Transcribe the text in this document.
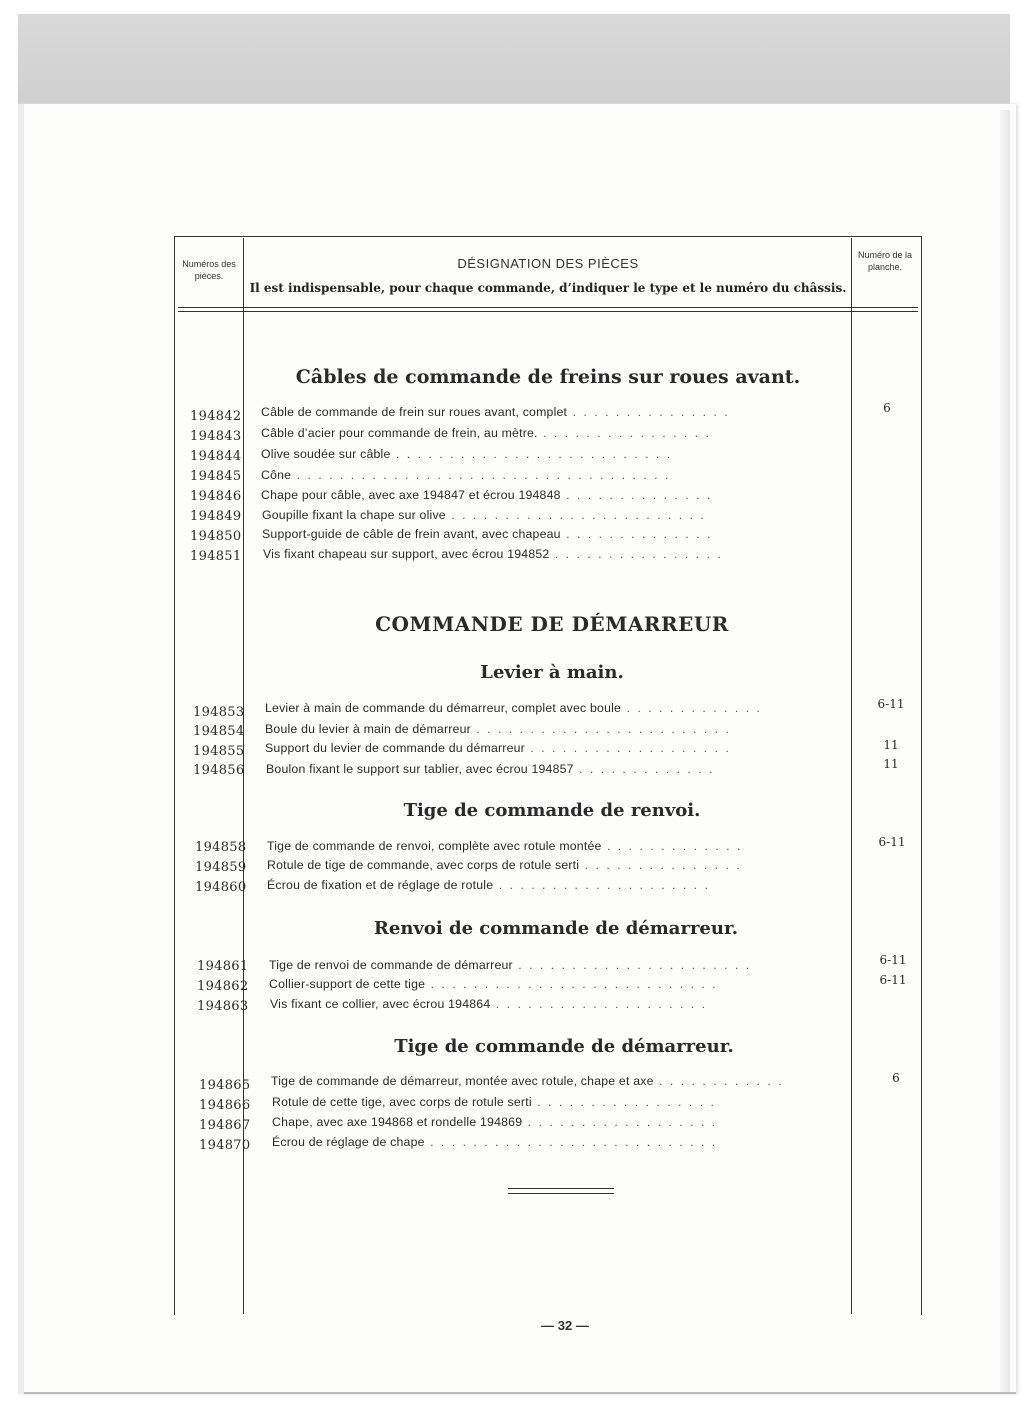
Numéros des pièces.
DÉSIGNATION DES PIÈCES
Il est indispensable, pour chaque commande, d’indiquer le type et le numéro du châssis.
Numéro de la planche.
Câbles de commande de freins sur roues avant.
194842 Câble de commande de frein sur roues avant, complet . . . . . . . . . . . . . . .	6
194843 Câble d’acier pour commande de frein, au mètre. . . . . . . . . . . . . . . . .
194844 Olive soudée sur câble . . . . . . . . . . . . . . . . . . . . . . . . . .
194845 Cône . . . . . . . . . . . . . . . . . . . . . . . . . . . . . . . . . . .
194846 Chape pour câble, avec axe 194847 et écrou 194848 . . . . . . . . . . . . . .
194849 Goupille fixant la chape sur olive . . . . . . . . . . . . . . . . . . . . . . . .
194850 Support-guide de câble de frein avant, avec chapeau . . . . . . . . . . . . . .
194851 Vis fixant chapeau sur support, avec écrou 194852 . . . . . . . . . . . . . . . .
COMMANDE DE DÉMARREUR
Levier à main.
194853 Levier à main de commande du démarreur, complet avec boule . . . . . . . . . . . . .	6-11
194854 Boule du levier à main de démarreur . . . . . . . . . . . . . . . . . . . . . . . .
194855 Support du levier de commande du démarreur . . . . . . . . . . . . . . . . . . .	11
194856 Boulon fixant le support sur tablier, avec écrou 194857 . . . . . . . . . . . . .	11
Tige de commande de renvoi.
194858 Tige de commande de renvoi, complète avec rotule montée . . . . . . . . . . . . .	6-11
194859 Rotule de tige de commande, avec corps de rotule serti . . . . . . . . . . . . . . .
194860 Écrou de fixation et de réglage de rotule . . . . . . . . . . . . . . . . . . . .
Renvoi de commande de démarreur.
194861 Tige de renvoi de commande de démarreur . . . . . . . . . . . . . . . . . . . . . .	6-11
194862 Collier-support de cette tige . . . . . . . . . . . . . . . . . . . . . . . . . . .	6-11
194863 Vis fixant ce collier, avec écrou 194864 . . . . . . . . . . . . . . . . . . . .
Tige de commande de démarreur.
194865 Tige de commande de démarreur, montée avec rotule, chape et axe . . . . . . . . . . . .	6
194866 Rotule de cette tige, avec corps de rotule serti . . . . . . . . . . . . . . . . .
194867 Chape, avec axe 194868 et rondelle 194869 . . . . . . . . . . . . . . . . . .
194870 Écrou de réglage de chape . . . . . . . . . . . . . . . . . . . . . . . . . . .
— 32 —
